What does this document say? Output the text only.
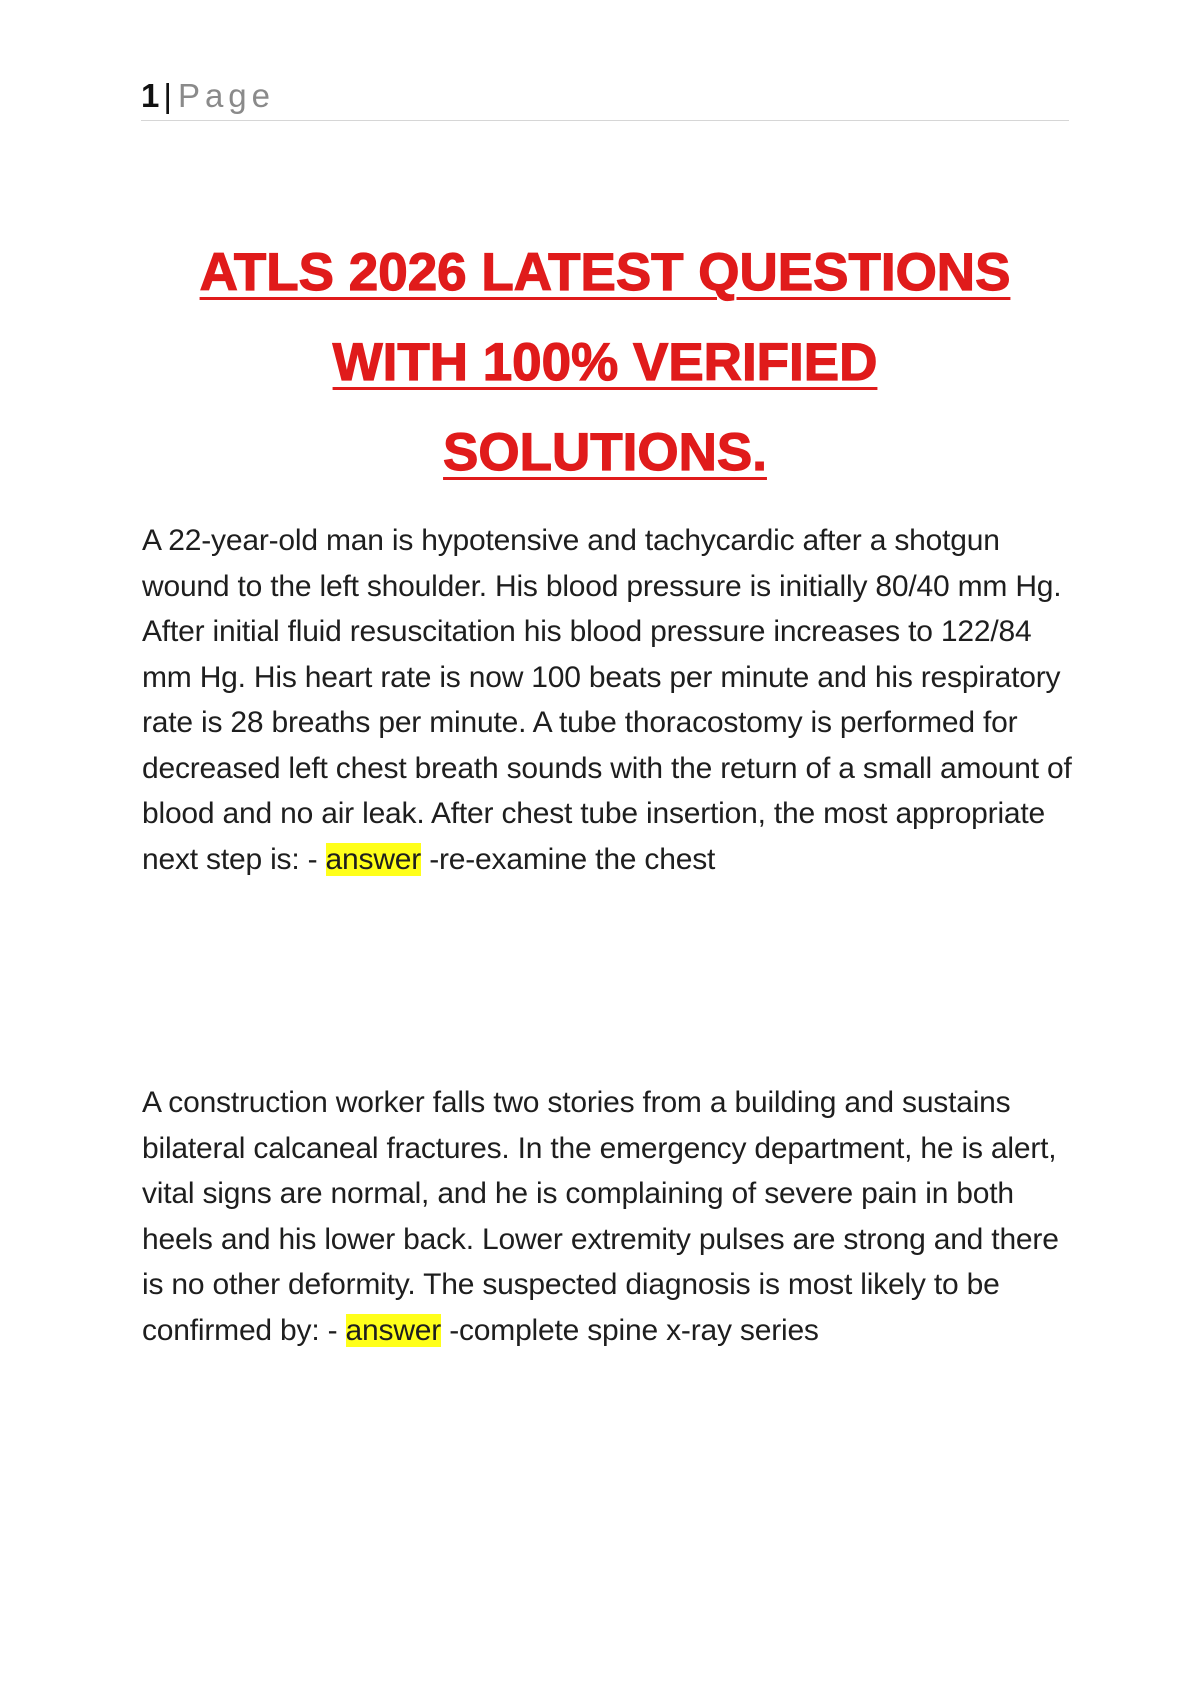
1 | Page
ATLS 2026 LATEST QUESTIONS
WITH 100% VERIFIED
SOLUTIONS.

A 22-year-old man is hypotensive and tachycardic after a shotgun wound to the left shoulder. His blood pressure is initially 80/40 mm Hg. After initial fluid resuscitation his blood pressure increases to 122/84 mm Hg. His heart rate is now 100 beats per minute and his respiratory rate is 28 breaths per minute. A tube thoracostomy is performed for decreased left chest breath sounds with the return of a small amount of blood and no air leak. After chest tube insertion, the most appropriate next step is: - answer -re-examine the chest

A construction worker falls two stories from a building and sustains bilateral calcaneal fractures. In the emergency department, he is alert, vital signs are normal, and he is complaining of severe pain in both heels and his lower back. Lower extremity pulses are strong and there is no other deformity. The suspected diagnosis is most likely to be confirmed by: - answer -complete spine x-ray series
